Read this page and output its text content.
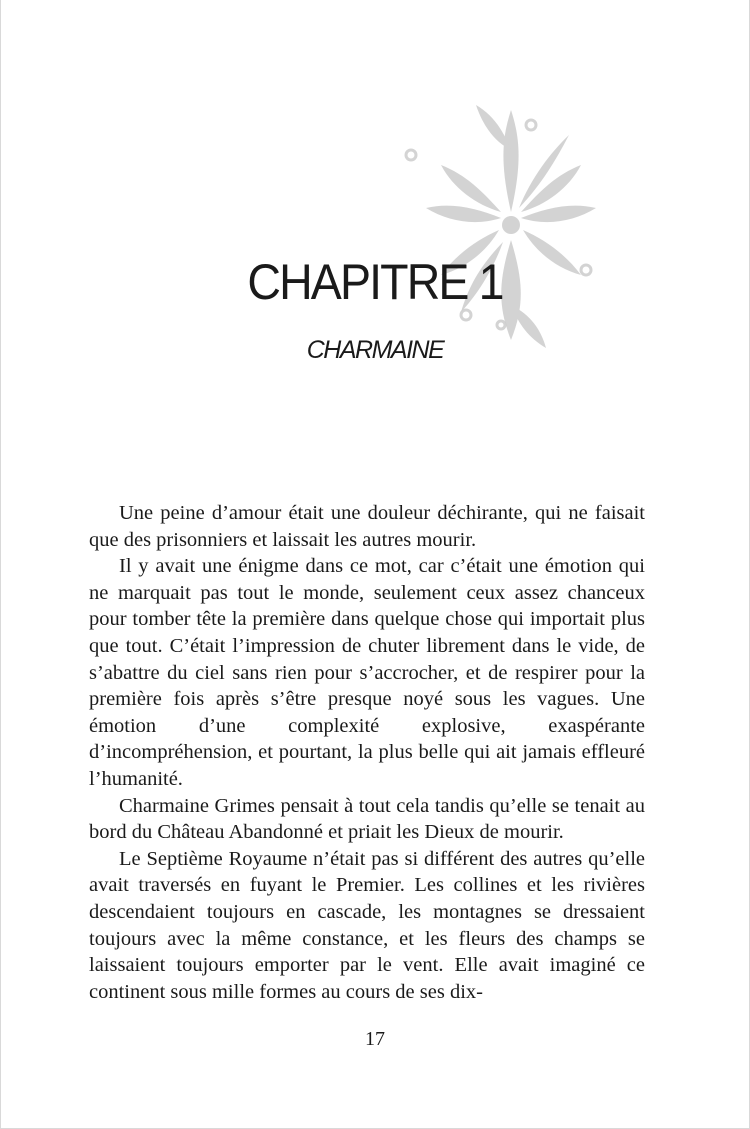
CHAPITRE 1
CHARMAINE

Une peine d’amour était une douleur déchirante, qui ne faisait que des prisonniers et laissait les autres mourir.

Il y avait une énigme dans ce mot, car c’était une émotion qui ne marquait pas tout le monde, seulement ceux assez chanceux pour tomber tête la première dans quelque chose qui importait plus que tout. C’était l’impression de chuter librement dans le vide, de s’abattre du ciel sans rien pour s’accrocher, et de respirer pour la première fois après s’être presque noyé sous les vagues. Une émotion d’une complexité explosive, exaspérante d’incompréhension, et pourtant, la plus belle qui ait jamais effleuré l’humanité.

Charmaine Grimes pensait à tout cela tandis qu’elle se tenait au bord du Château Abandonné et priait les Dieux de mourir.

Le Septième Royaume n’était pas si différent des autres qu’elle avait traversés en fuyant le Premier. Les collines et les rivières descendaient toujours en cascade, les montagnes se dressaient toujours avec la même constance, et les fleurs des champs se laissaient toujours emporter par le vent. Elle avait imaginé ce continent sous mille formes au cours de ses dix-

17
